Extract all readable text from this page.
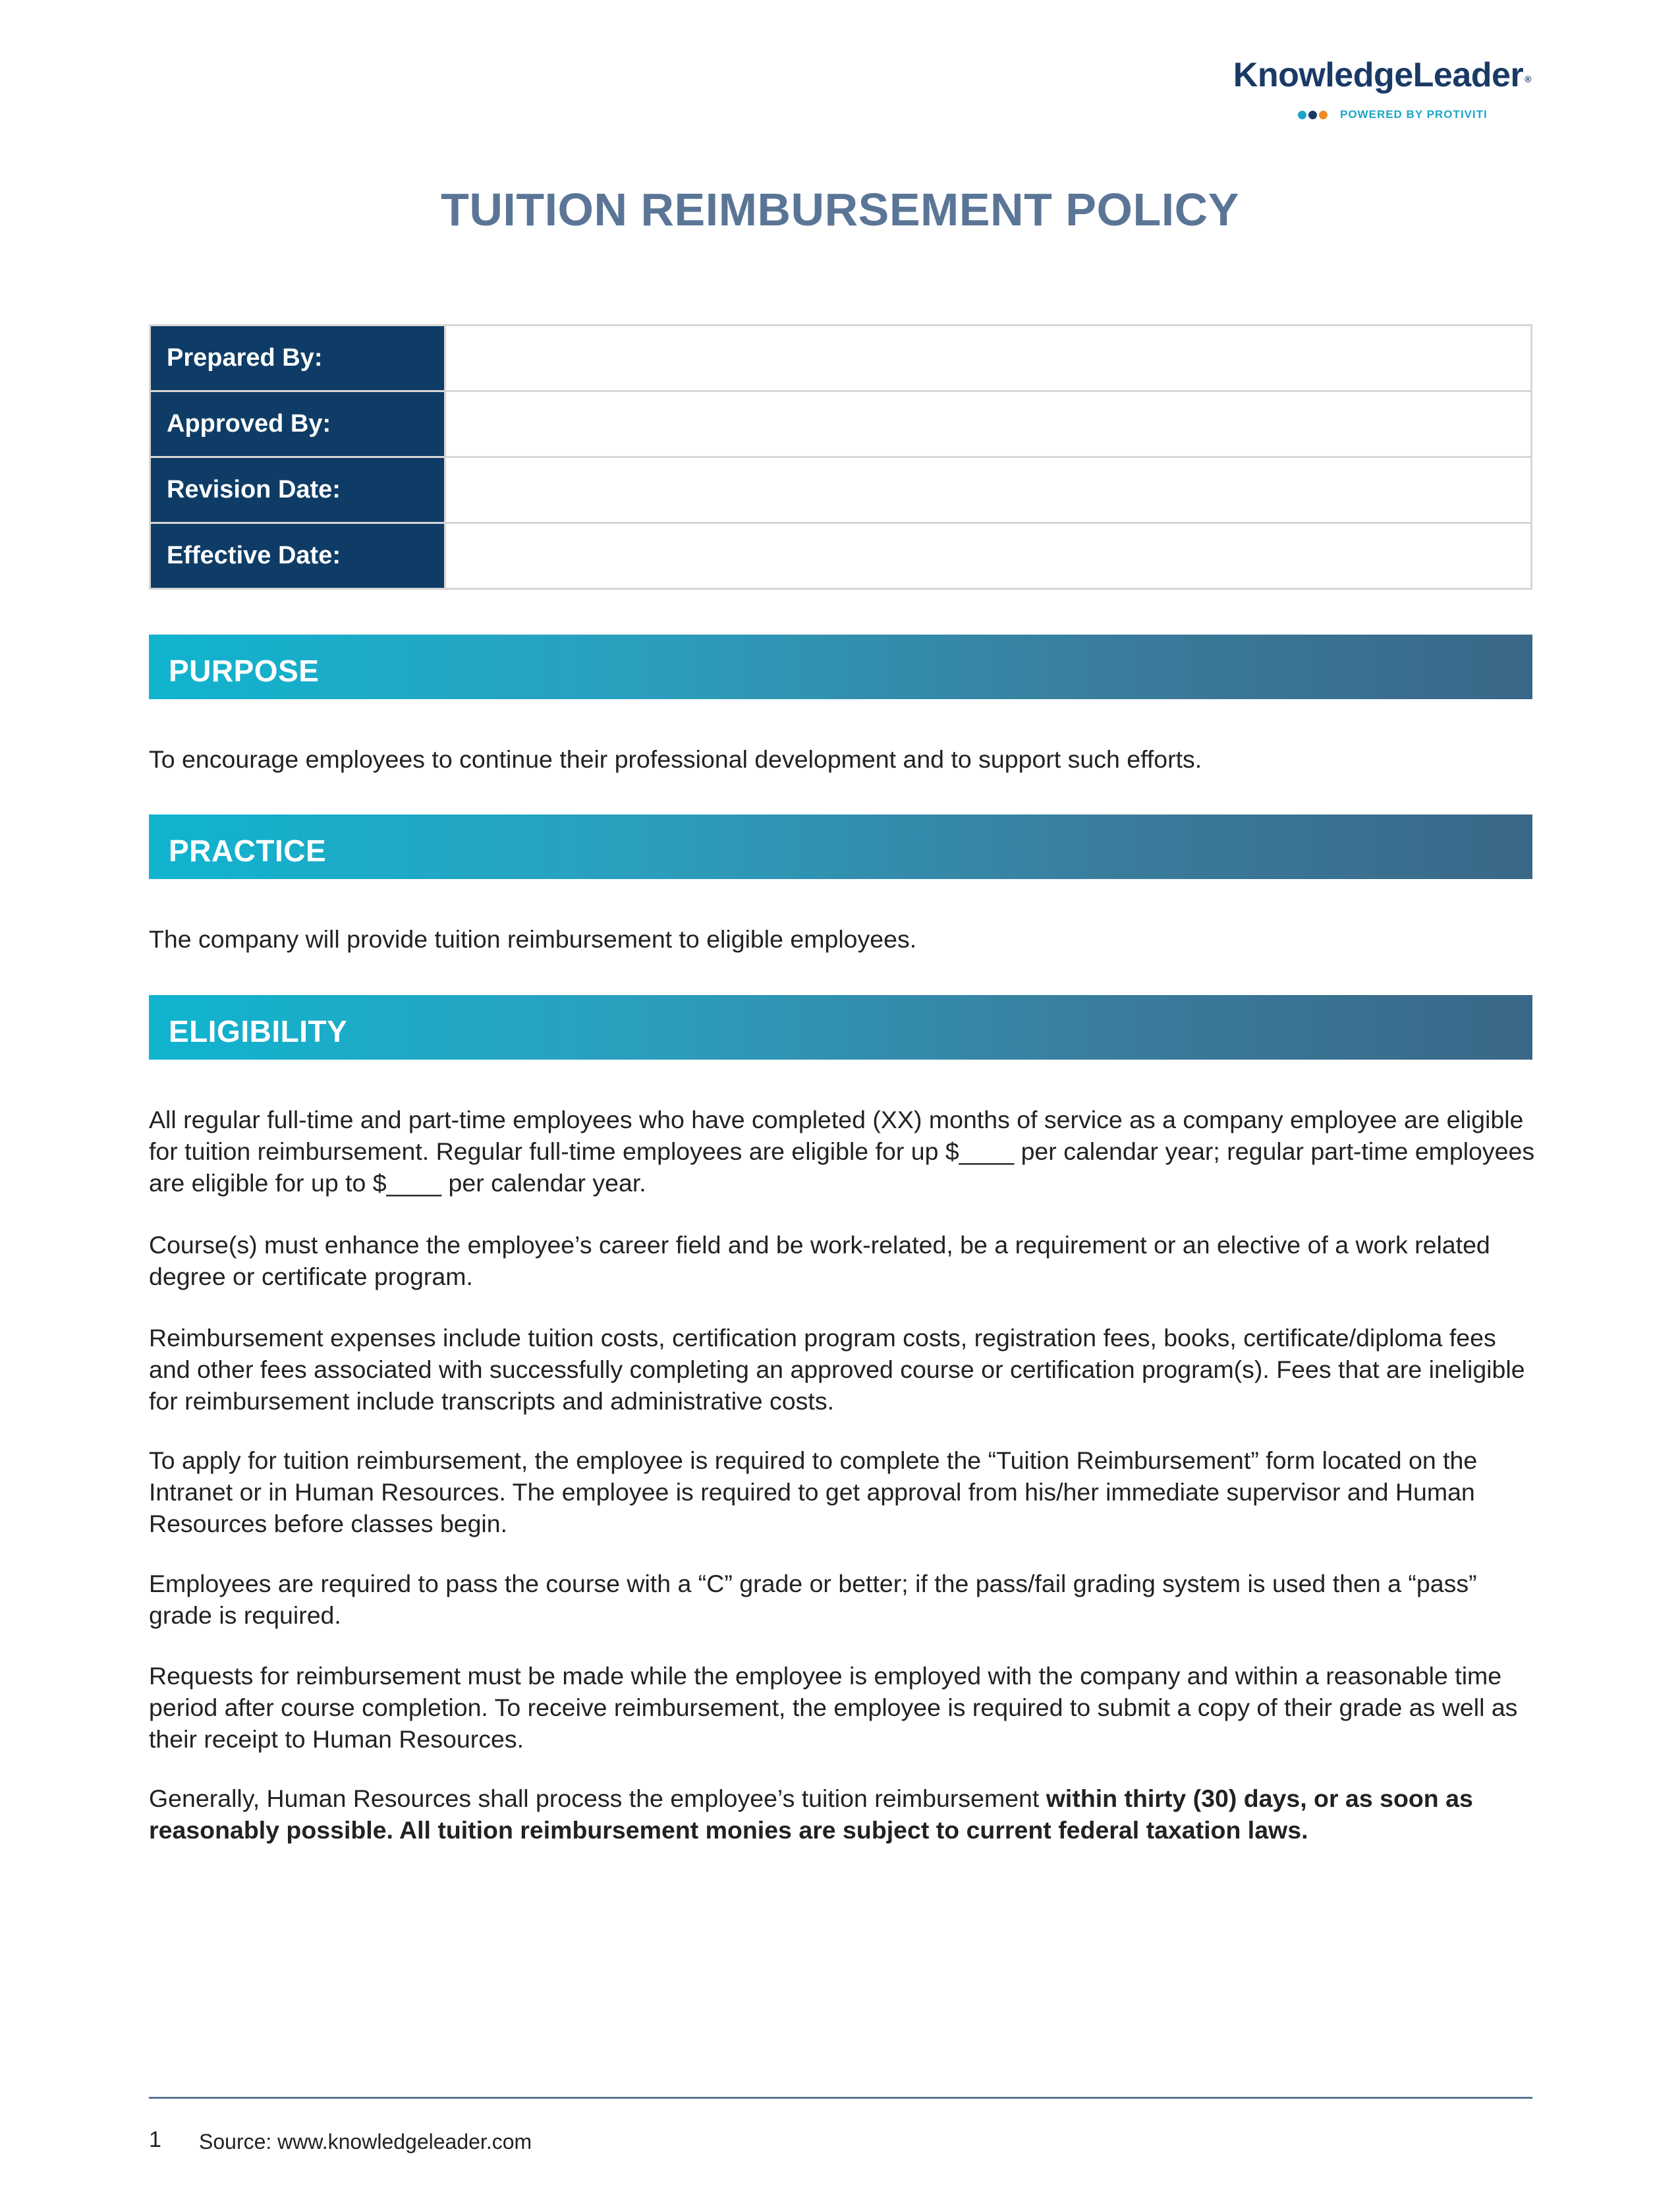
KnowledgeLeader ®
POWERED BY PROTIVITI
TUITION REIMBURSEMENT POLICY
Prepared By:	
Approved By:	
Revision Date:	
Effective Date:	
PURPOSE

To encourage employees to continue their professional development and to support such efforts.

PRACTICE

The company will provide tuition reimbursement to eligible employees.

ELIGIBILITY

All regular full-time and part-time employees who have completed (XX) months of service as a company employee are eligible for tuition reimbursement. Regular full-time employees are eligible for up $____ per calendar year; regular part-time employees are eligible for up to $____ per calendar year.

Course(s) must enhance the employee’s career field and be work-related, be a requirement or an elective of a work related degree or certificate program.

Reimbursement expenses include tuition costs, certification program costs, registration fees, books, certificate/diploma fees and other fees associated with successfully completing an approved course or certification program(s). Fees that are ineligible for reimbursement include transcripts and administrative costs.

To apply for tuition reimbursement, the employee is required to complete the “Tuition Reimbursement” form located on the Intranet or in Human Resources. The employee is required to get approval from his/her immediate supervisor and Human Resources before classes begin.

Employees are required to pass the course with a “C” grade or better; if the pass/fail grading system is used then a “pass” grade is required.

Requests for reimbursement must be made while the employee is employed with the company and within a reasonable time period after course completion. To receive reimbursement, the employee is required to submit a copy of their grade as well as their receipt to Human Resources.

Generally, Human Resources shall process the employee’s tuition reimbursement within thirty (30) days, or as soon as reasonably possible. All tuition reimbursement monies are subject to current federal taxation laws.

1 Source: www.knowledgeleader.com
